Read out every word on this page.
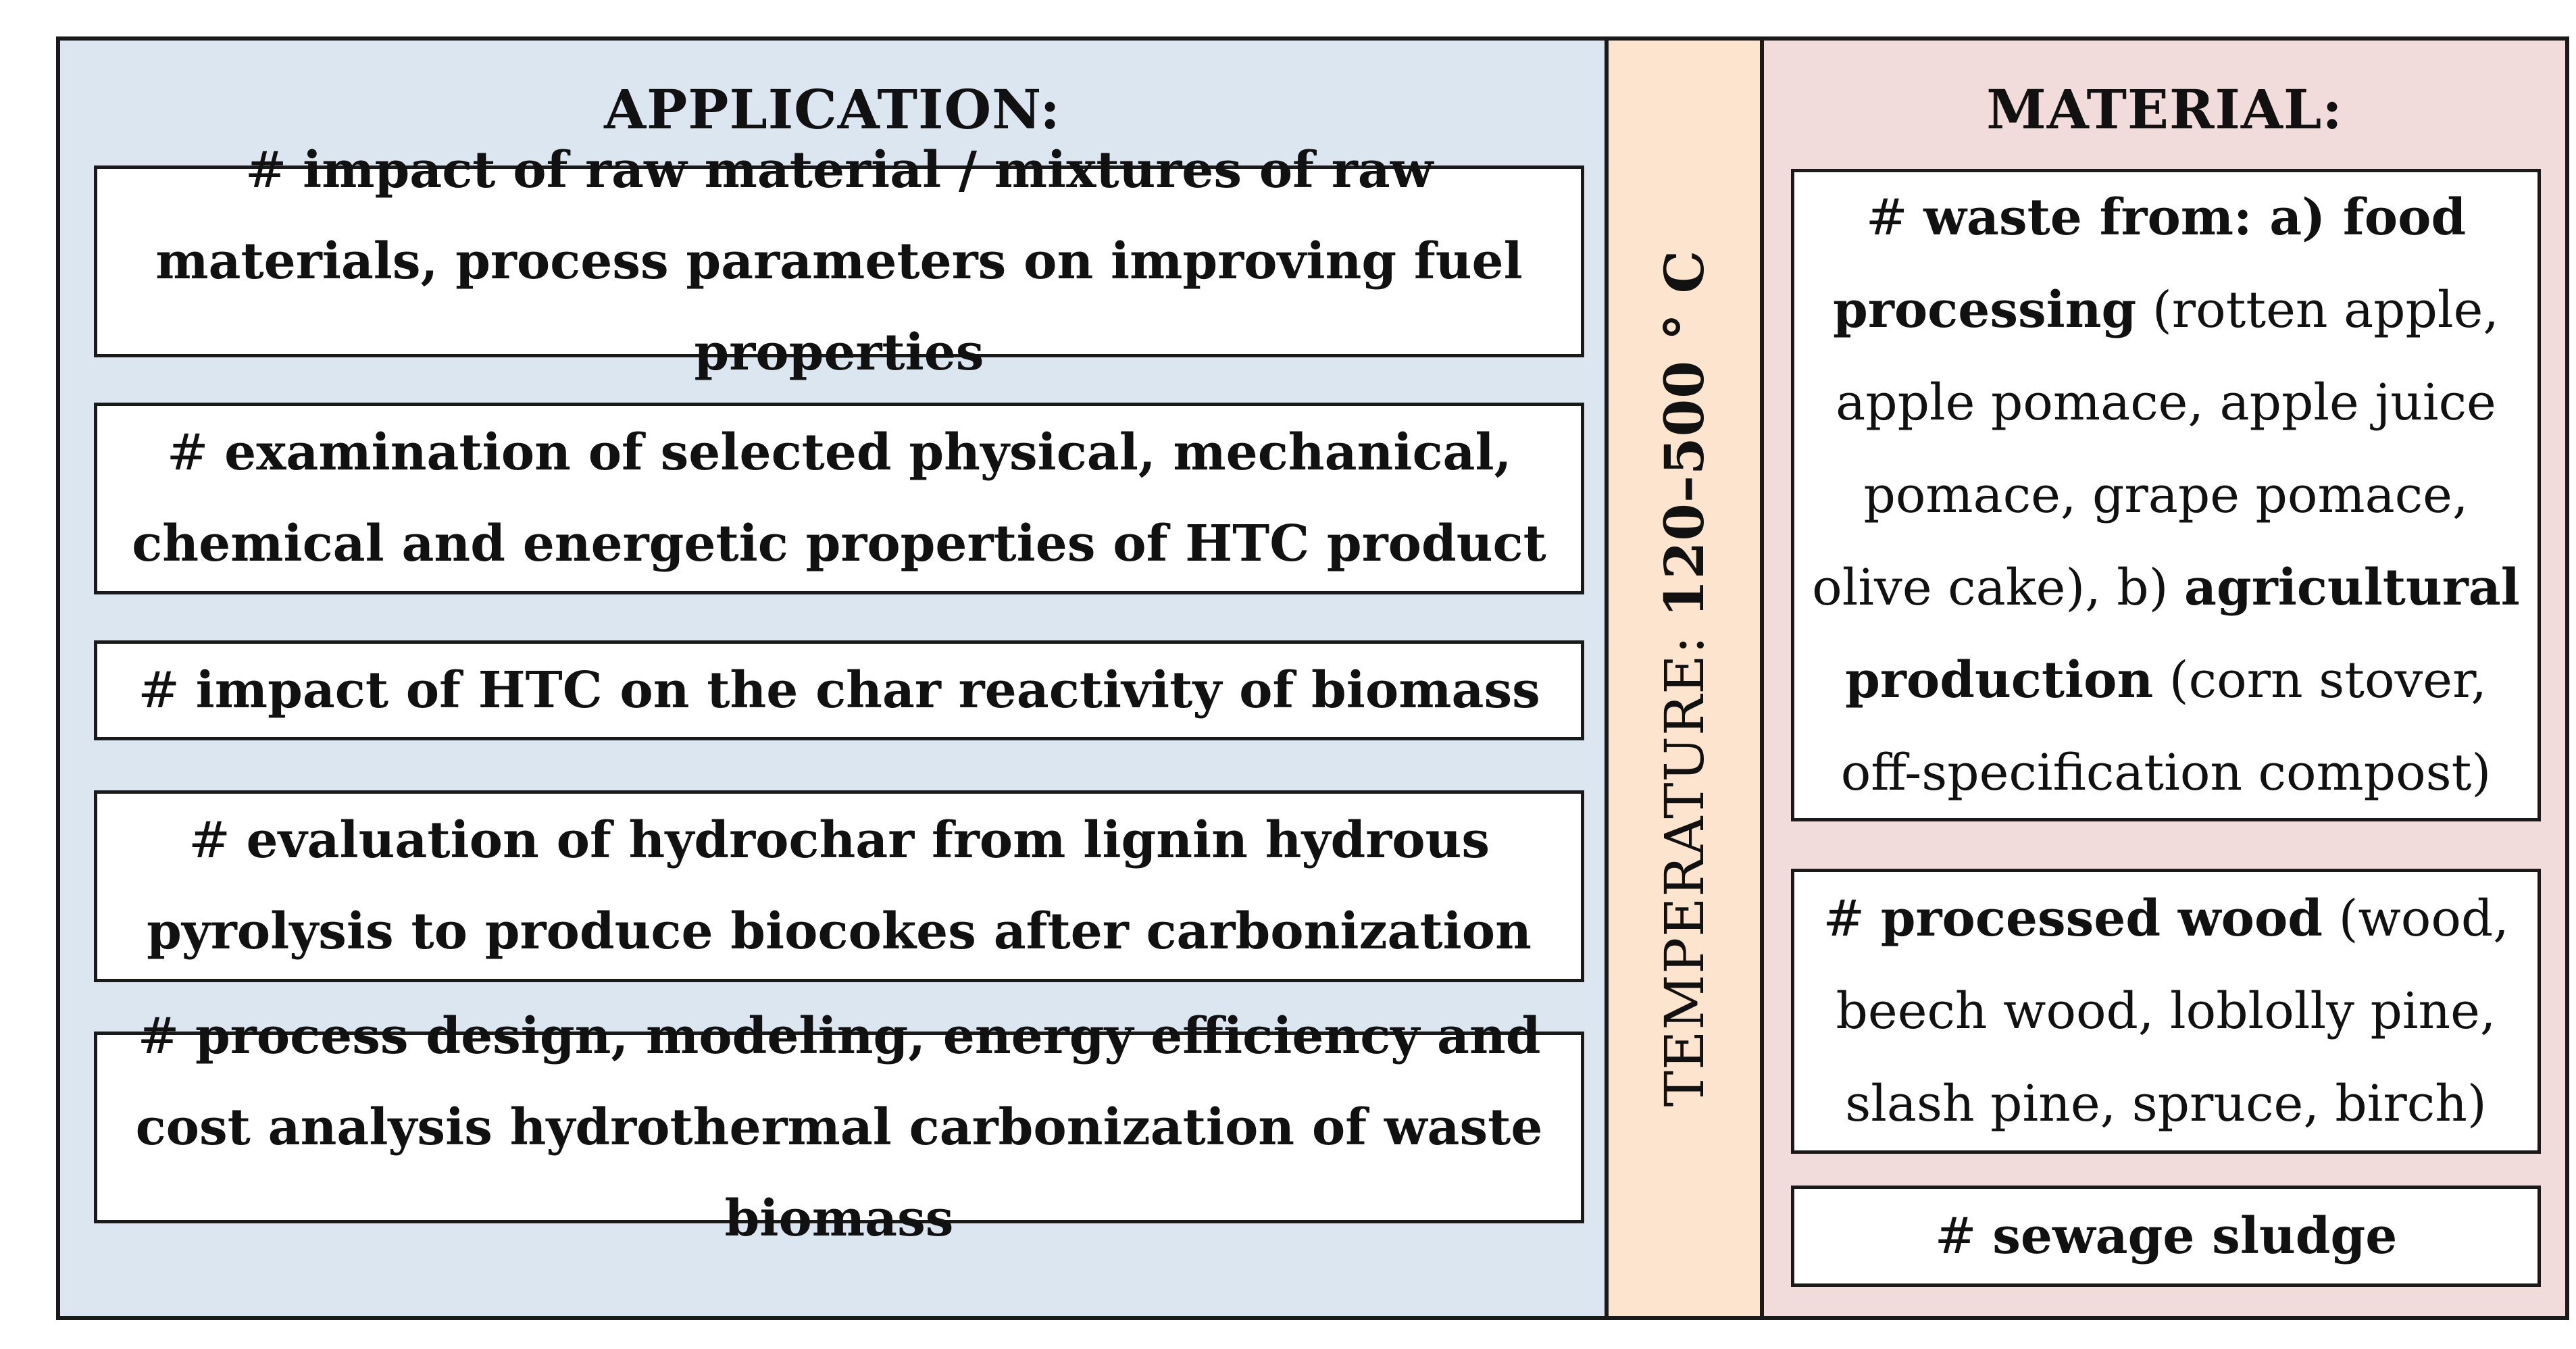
APPLICATION:
# impact of raw material / mixtures of raw materials, process parameters on improving fuel properties
# examination of selected physical, mechanical, chemical and energetic properties of HTC product
# impact of HTC on the char reactivity of biomass
# evaluation of hydrochar from lignin hydrous pyrolysis to produce biocokes after carbonization
# process design, modeling, energy efficiency and cost analysis hydrothermal carbonization of waste biomass
TEMPERATURE: 120–500 ° C
MATERIAL:
# waste from: a) food processing (rotten apple, apple pomace, apple juice pomace, grape pomace, olive cake), b) agricultural production (corn stover, off-specification compost)
# processed wood (wood, beech wood, loblolly pine, slash pine, spruce, birch)
# sewage sludge
